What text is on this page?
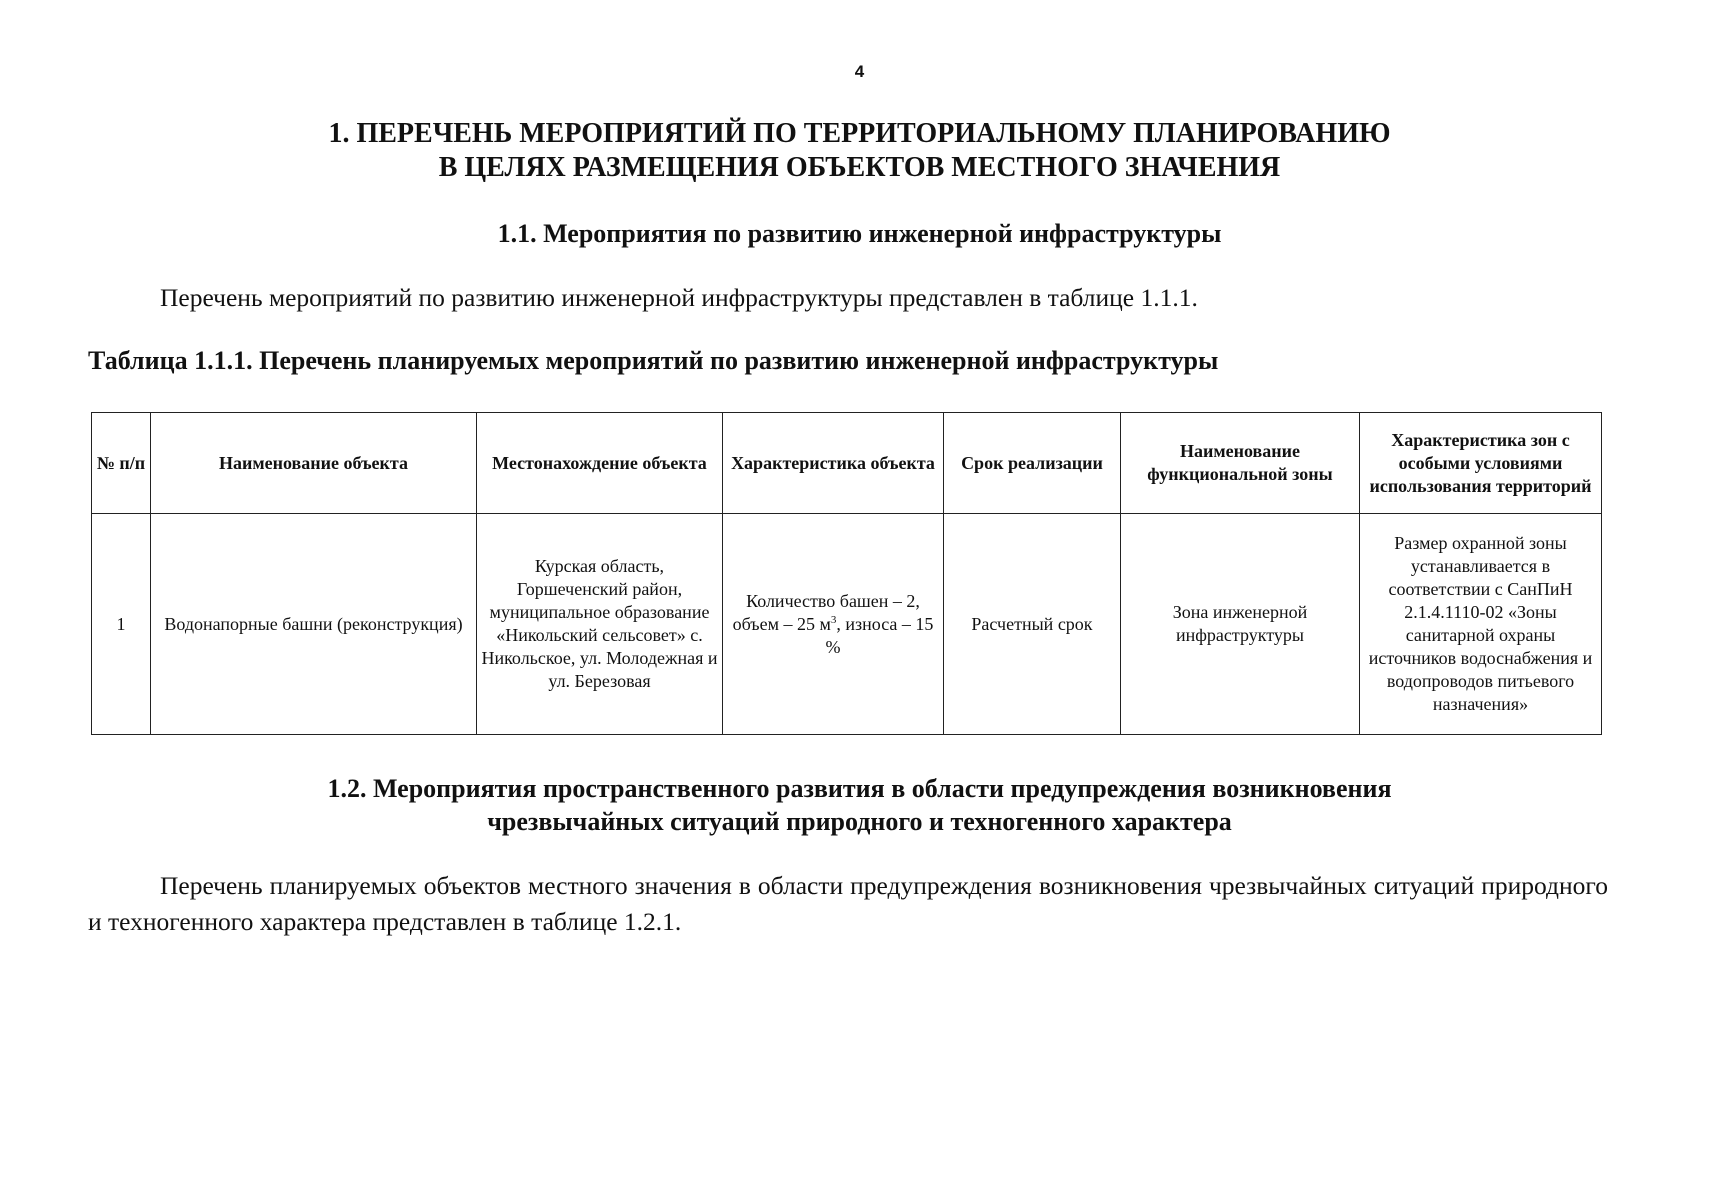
4
1. ПЕРЕЧЕНЬ МЕРОПРИЯТИЙ ПО ТЕРРИТОРИАЛЬНОМУ ПЛАНИРОВАНИЮ
В ЦЕЛЯХ РАЗМЕЩЕНИЯ ОБЪЕКТОВ МЕСТНОГО ЗНАЧЕНИЯ
1.1. Мероприятия по развитию инженерной инфраструктуры
Перечень мероприятий по развитию инженерной инфраструктуры представлен в таблице 1.1.1.
Таблица 1.1.1. Перечень планируемых мероприятий по развитию инженерной инфраструктуры
№ п/п	Наименование объекта	Местонахождение объекта	Характеристика объекта	Срок реализации	Наименование функциональной зоны	Характеристика зон с особыми условиями использования территорий
1	Водонапорные башни (реконструкция)	Курская область, Горшеченский район, муниципальное образование «Никольский сельсовет» с. Никольское, ул. Молодежная и ул. Березовая	Количество башен – 2, объем – 25 $м^3$, износа – 15 %	Расчетный срок	Зона инженерной инфраструктуры	Размер охранной зоны устанавливается в соответствии с СанПиН 2.1.4.1110-02 «Зоны санитарной охраны источников водоснабжения и водопроводов питьевого назначения»
1.2. Мероприятия пространственного развития в области предупреждения возникновения
чрезвычайных ситуаций природного и техногенного характера
Перечень планируемых объектов местного значения в области предупреждения возникновения чрезвычайных ситуаций природного и техногенного характера представлен в таблице 1.2.1.
